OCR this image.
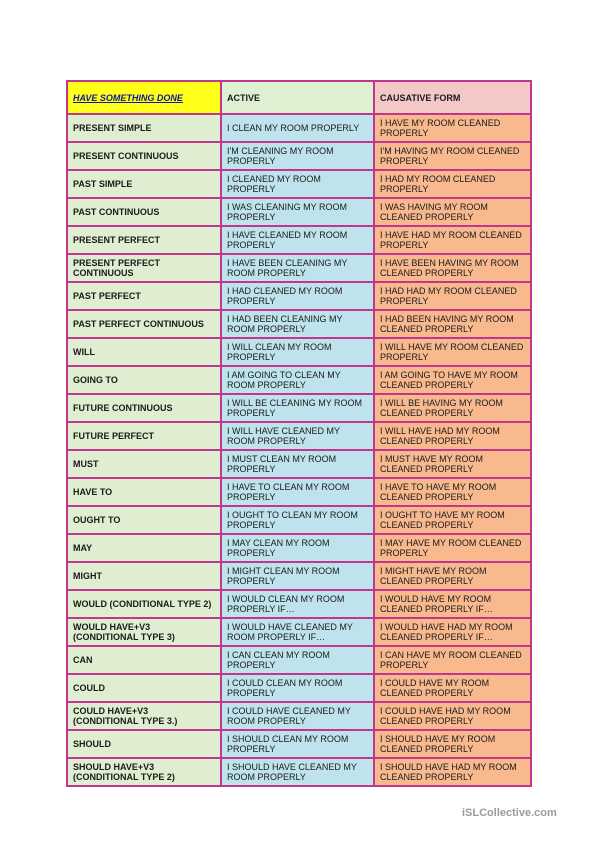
HAVE SOMETHING DONE	ACTIVE	CAUSATIVE FORM
PRESENT SIMPLE	I CLEAN MY ROOM PROPERLY	I HAVE MY ROOM CLEANED PROPERLY
PRESENT CONTINUOUS	I'M CLEANING MY ROOM PROPERLY	I'M HAVING MY ROOM CLEANED PROPERLY
PAST SIMPLE	I CLEANED MY ROOM PROPERLY	I HAD MY ROOM CLEANED PROPERLY
PAST CONTINUOUS	I WAS CLEANING MY ROOM PROPERLY	I WAS HAVING MY ROOM CLEANED PROPERLY
PRESENT PERFECT	I HAVE CLEANED MY ROOM PROPERLY	I HAVE HAD MY ROOM CLEANED PROPERLY
PRESENT PERFECT CONTINUOUS	I HAVE BEEN CLEANING MY ROOM PROPERLY	I HAVE BEEN HAVING MY ROOM CLEANED PROPERLY
PAST PERFECT	I HAD CLEANED MY ROOM PROPERLY	I HAD HAD MY ROOM CLEANED PROPERLY
PAST PERFECT CONTINUOUS	I HAD BEEN CLEANING MY ROOM PROPERLY	I HAD BEEN HAVING MY ROOM CLEANED PROPERLY
WILL	I WILL CLEAN MY ROOM PROPERLY	I WILL HAVE MY ROOM CLEANED PROPERLY
GOING TO	I AM GOING TO CLEAN MY ROOM PROPERLY	I AM GOING TO HAVE MY ROOM CLEANED PROPERLY
FUTURE CONTINUOUS	I WILL BE CLEANING MY ROOM PROPERLY	I WILL BE HAVING MY ROOM CLEANED PROPERLY
FUTURE PERFECT	I WILL HAVE CLEANED MY ROOM PROPERLY	I WILL HAVE HAD MY ROOM CLEANED PROPERLY
MUST	I MUST CLEAN MY ROOM PROPERLY	I MUST HAVE MY ROOM CLEANED PROPERLY
HAVE TO	I HAVE TO CLEAN MY ROOM PROPERLY	I HAVE TO HAVE MY ROOM CLEANED PROPERLY
OUGHT TO	I OUGHT TO CLEAN MY ROOM PROPERLY	I OUGHT TO HAVE MY ROOM CLEANED PROPERLY
MAY	I MAY CLEAN MY ROOM PROPERLY	I MAY HAVE MY ROOM CLEANED PROPERLY
MIGHT	I MIGHT CLEAN MY ROOM PROPERLY	I MIGHT HAVE MY ROOM CLEANED PROPERLY
WOULD (CONDITIONAL TYPE 2)	I WOULD CLEAN MY ROOM PROPERLY IF…	I WOULD HAVE MY ROOM CLEANED PROPERLY IF…
WOULD HAVE+V3 (CONDITIONAL TYPE 3)	I WOULD HAVE CLEANED MY ROOM PROPERLY IF…	I WOULD HAVE HAD MY ROOM CLEANED PROPERLY IF…
CAN	I CAN CLEAN MY ROOM PROPERLY	I CAN HAVE MY ROOM CLEANED PROPERLY
COULD	I COULD CLEAN MY ROOM PROPERLY	I COULD HAVE MY ROOM CLEANED PROPERLY
COULD HAVE+V3 (CONDITIONAL TYPE 3.)	I COULD HAVE CLEANED MY ROOM PROPERLY	I COULD HAVE HAD MY ROOM CLEANED PROPERLY
SHOULD	I SHOULD CLEAN MY ROOM PROPERLY	I SHOULD HAVE MY ROOM CLEANED PROPERLY
SHOULD HAVE+V3 (CONDITIONAL TYPE 2)	I SHOULD HAVE CLEANED MY ROOM PROPERLY	I SHOULD HAVE HAD MY ROOM CLEANED PROPERLY
iSLCollective.com
